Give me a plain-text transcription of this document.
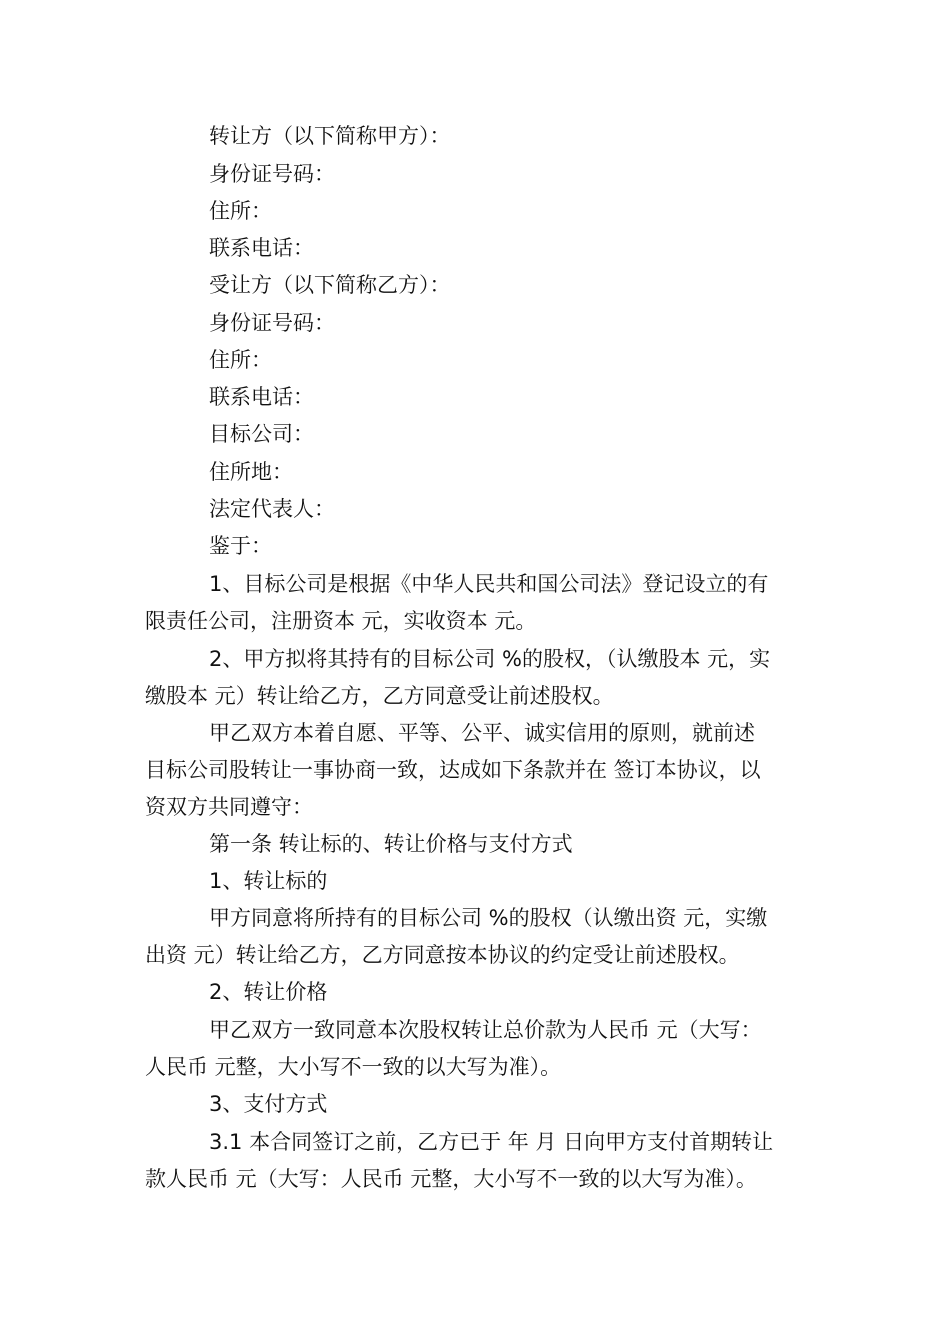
转让方（以下简称甲方）：
身份证号码：
住所：
联系电话：
受让方（以下简称乙方）：
身份证号码：
住所：
联系电话：
目标公司：
住所地：
法定代表人：
鉴于：
1、目标公司是根据《中华人民共和国公司法》登记设立的有
限责任公司，注册资本 元，实收资本 元。
2、甲方拟将其持有的目标公司 %的股权，（认缴股本 元，实
缴股本 元）转让给乙方，乙方同意受让前述股权。
甲乙双方本着自愿、平等、公平、诚实信用的原则，就前述
目标公司股转让一事协商一致，达成如下条款并在 签订本协议，以
资双方共同遵守：
第一条 转让标的、转让价格与支付方式
1、转让标的
甲方同意将所持有的目标公司 %的股权（认缴出资 元，实缴
出资 元）转让给乙方，乙方同意按本协议的约定受让前述股权。
2、转让价格
甲乙双方一致同意本次股权转让总价款为人民币 元（大写：
人民币 元整，大小写不一致的以大写为准）。
3、支付方式
3.1 本合同签订之前，乙方已于 年 月 日向甲方支付首期转让
款人民币 元（大写：人民币 元整，大小写不一致的以大写为准）。
